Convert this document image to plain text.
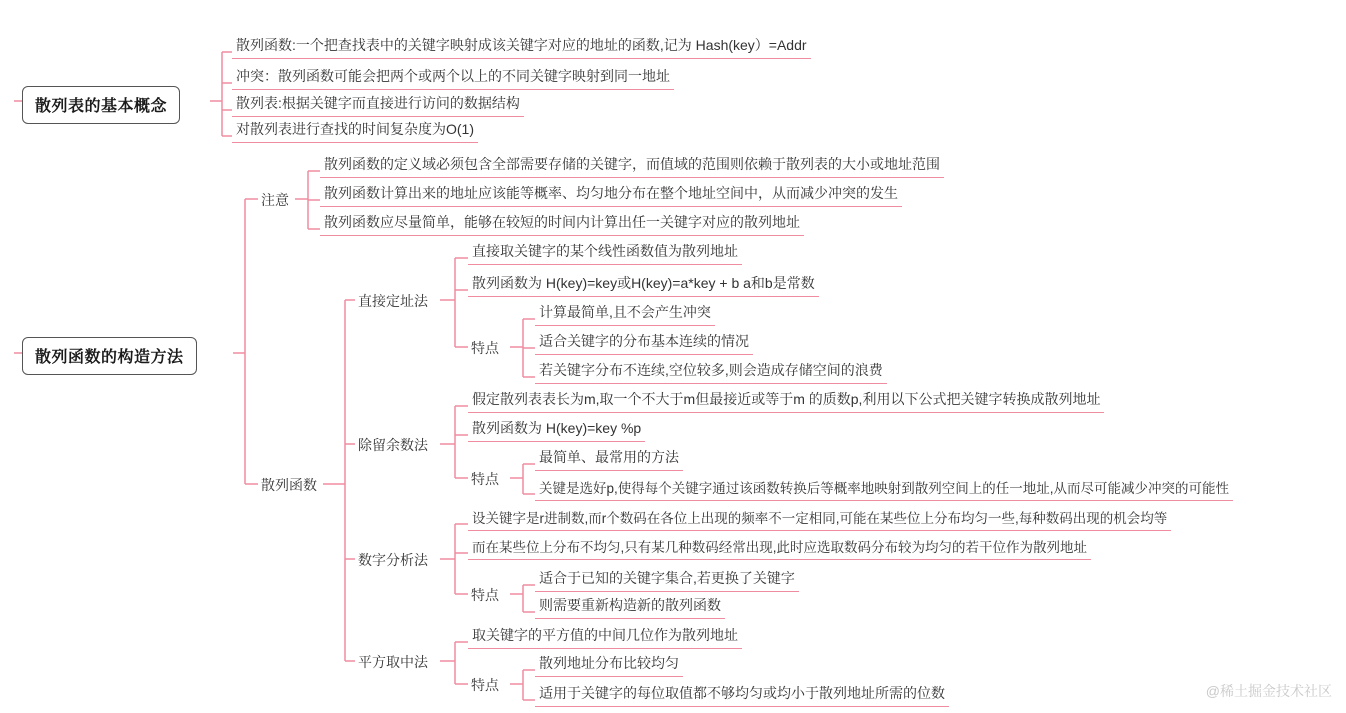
散列表的基本概念
散列函数的构造方法
注意
散列函数
直接定址法
除留余数法
数字分析法
平方取中法
特点
特点
特点
特点
散列函数:一个把查找表中的关键字映射成该关键字对应的地址的函数,记为 Hash(key）=Addr
冲突：散列函数可能会把两个或两个以上的不同关键字映射到同一地址
散列表:根据关键字而直接进行访问的数据结构
对散列表进行查找的时间复杂度为O(1)
散列函数的定义域必须包含全部需要存储的关键字，而值域的范围则依赖于散列表的大小或地址范围
散列函数计算出来的地址应该能等概率、均匀地分布在整个地址空间中，从而减少冲突的发生
散列函数应尽量简单，能够在较短的时间内计算出任一关键字对应的散列地址
直接取关键字的某个线性函数值为散列地址
散列函数为 H(key)=key或H(key)=a*key + b a和b是常数
计算最简单,且不会产生冲突
适合关键字的分布基本连续的情况
若关键字分布不连续,空位较多,则会造成存储空间的浪费
假定散列表表长为m,取一个不大于m但最接近或等于m 的质数p,利用以下公式把关键字转换成散列地址
散列函数为 H(key)=key %p
最简单、最常用的方法
关键是选好p,使得每个关键字通过该函数转换后等概率地映射到散列空间上的任一地址,从而尽可能减少冲突的可能性
设关键字是r进制数,而r个数码在各位上出现的频率不一定相同,可能在某些位上分布均匀一些,每种数码出现的机会均等
而在某些位上分布不均匀,只有某几种数码经常出现,此时应选取数码分布较为均匀的若干位作为散列地址
适合于已知的关键字集合,若更换了关键字
则需要重新构造新的散列函数
取关键字的平方值的中间几位作为散列地址
散列地址分布比较均匀
适用于关键字的每位取值都不够均匀或均小于散列地址所需的位数	@稀土掘金技术社区
